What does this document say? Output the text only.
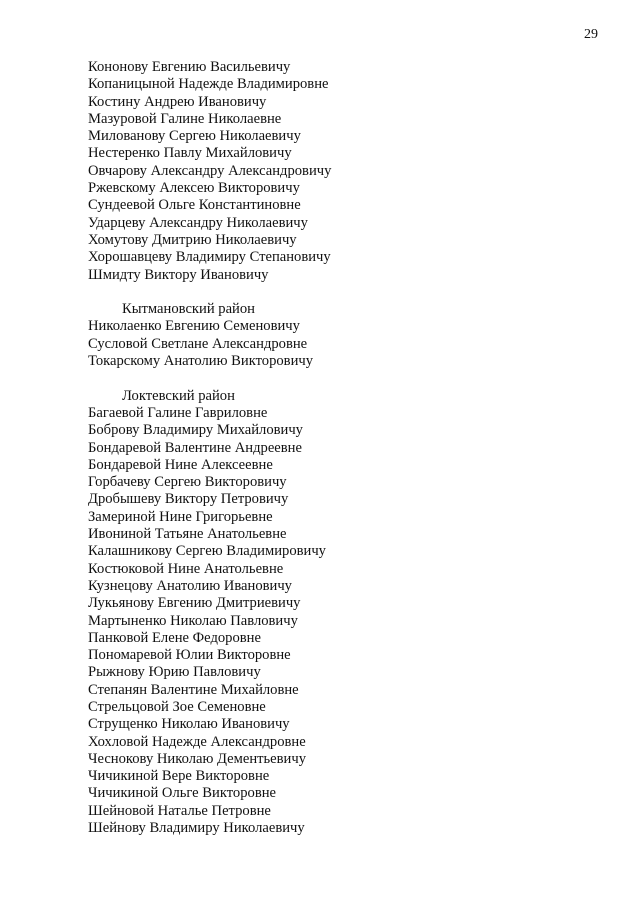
29

Кононову Евгению Васильевичу

Копаницыной Надежде Владимировне

Костину Андрею Ивановичу

Мазуровой Галине Николаевне

Милованову Сергею Николаевичу

Нестеренко Павлу Михайловичу

Овчарову Александру Александровичу

Ржевскому Алексею Викторовичу

Сундеевой Ольге Константиновне

Ударцеву Александру Николаевичу

Хомутову Дмитрию Николаевичу

Хорошавцеву Владимиру Степановичу

Шмидту Виктору Ивановичу

Кытмановский район

Николаенко Евгению Семеновичу

Сусловой Светлане Александровне

Токарскому Анатолию Викторовичу

Локтевский район

Багаевой Галине Гавриловне

Боброву Владимиру Михайловичу

Бондаревой Валентине Андреевне

Бондаревой Нине Алексеевне

Горбачеву Сергею Викторовичу

Дробышеву Виктору Петровичу

Замериной Нине Григорьевне

Ивониной Татьяне Анатольевне

Калашникову Сергею Владимировичу

Костюковой Нине Анатольевне

Кузнецову Анатолию Ивановичу

Лукьянову Евгению Дмитриевичу

Мартыненко Николаю Павловичу

Панковой Елене Федоровне

Пономаревой Юлии Викторовне

Рыжнову Юрию Павловичу

Степанян Валентине Михайловне

Стрельцовой Зое Семеновне

Струщенко Николаю Ивановичу

Хохловой Надежде Александровне

Чеснокову Николаю Дементьевичу

Чичикиной Вере Викторовне

Чичикиной Ольге Викторовне

Шейновой Наталье Петровне

Шейнову Владимиру Николаевичу
